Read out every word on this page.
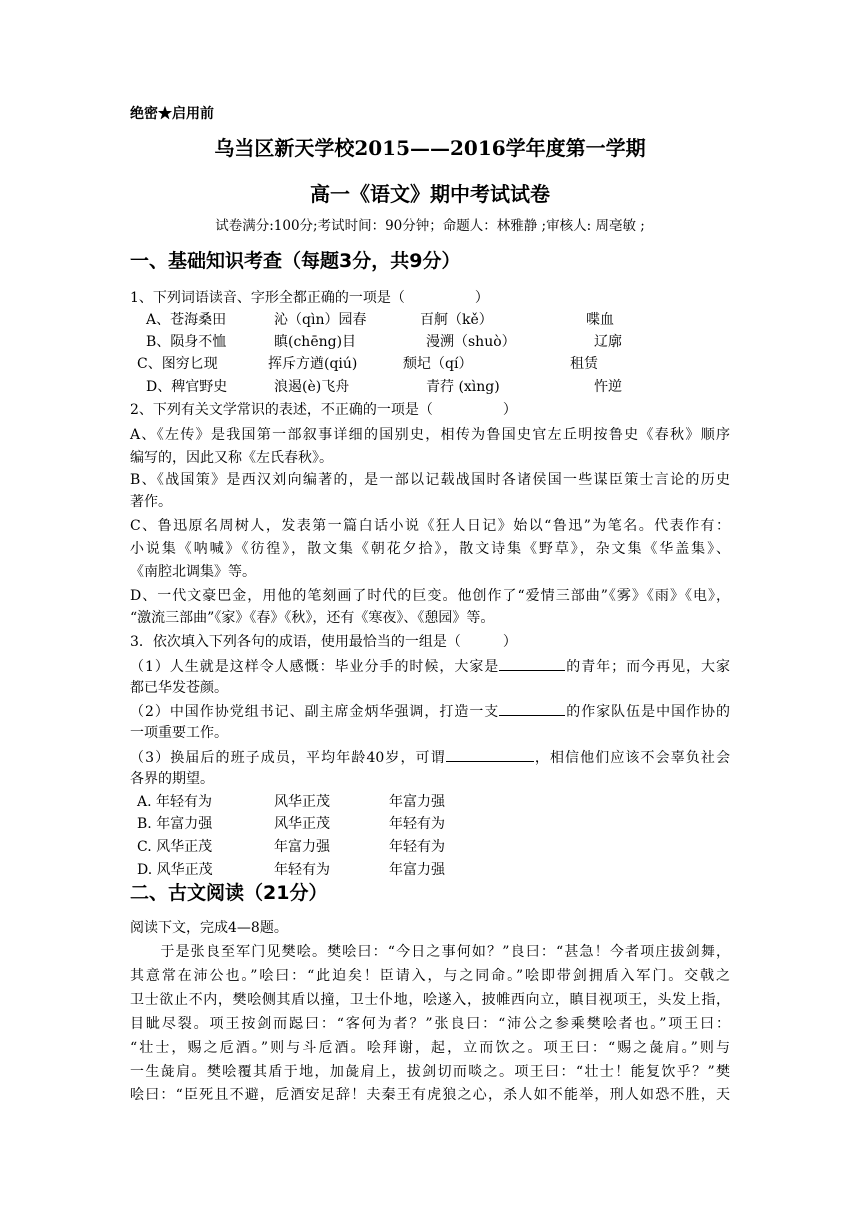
绝密★启用前
乌当区新天学校2015——2016学年度第一学期
高一《语文》期中考试试卷
试卷满分:100分;考试时间：90分钟；命题人：林雅静 ;审核人: 周亳敏 ;
一、基础知识考查（每题3分，共9分）
1、下列词语读音、字形全都正确的一项是（　　　　　）
A、苍海桑田	沁（qìn）园春	百舸（kě）	喋血
B、陨身不恤	瞋(chēng)目	漫溯（shuò）	辽廓
C、图穷匕现	挥斥方遒(qiú)	颓圮（qí）	租赁
D、稗官野史	浪遏(è)飞舟	青荇 (xìng)	忤逆
2、下列有关文学常识的表述，不正确的一项是（　　　　　）
A、《左传》是我国第一部叙事详细的国别史，相传为鲁国史官左丘明按鲁史《春秋》顺序
编写的，因此又称《左氏春秋》。
B、《战国策》是西汉刘向编著的，是一部以记载战国时各诸侯国一些谋臣策士言论的历史
著作。
C、鲁迅原名周树人，发表第一篇白话小说《狂人日记》始以“鲁迅”为笔名。代表作有：
小说集《呐喊》《彷徨》，散文集《朝花夕拾》，散文诗集《野草》，杂文集《华盖集》、
《南腔北调集》等。
D、一代文豪巴金，用他的笔刻画了时代的巨变。他创作了“爱情三部曲”《雾》《雨》《电》，
“激流三部曲”《家》《春》《秋》，还有《寒夜》、《憩园》等。
3．依次填入下列各句的成语，使用最恰当的一组是（　　　）
（1）人生就是这样令人感慨：毕业分手的时候，大家是	的青年；而今再见，大家
都已华发苍颜。
（2）中国作协党组书记、副主席金炳华强调，打造一支	的作家队伍是中国作协的
一项重要工作。
（3）换届后的班子成员，平均年龄40岁，可谓	，相信他们应该不会辜负社会
各界的期望。
A. 年轻有为	风华正茂	年富力强
B. 年富力强	风华正茂	年轻有为
C. 风华正茂	年富力强	年轻有为
D. 风华正茂	年轻有为	年富力强
二、古文阅读（21分）
阅读下文，完成4—8题。
　　于是张良至军门见樊哙。樊哙曰：“今日之事何如？”良曰：“甚急！今者项庄拔剑舞，
其意常在沛公也。”哙曰：“此迫矣！臣请入，与之同命。”哙即带剑拥盾入军门。交戟之
卫士欲止不内，樊哙侧其盾以撞，卫士仆地，哙遂入，披帷西向立，瞋目视项王，头发上指，
目眦尽裂。项王按剑而跽曰：“客何为者？”张良曰：“沛公之参乘樊哙者也。”项王曰：
“壮士，赐之卮酒。”则与斗卮酒。哙拜谢，起，立而饮之。项王曰：“赐之彘肩。”则与
一生彘肩。樊哙覆其盾于地，加彘肩上，拔剑切而啖之。项王曰：“壮士！能复饮乎？”樊
哙曰：“臣死且不避，卮酒安足辞！夫秦王有虎狼之心，杀人如不能举，刑人如恐不胜，天
